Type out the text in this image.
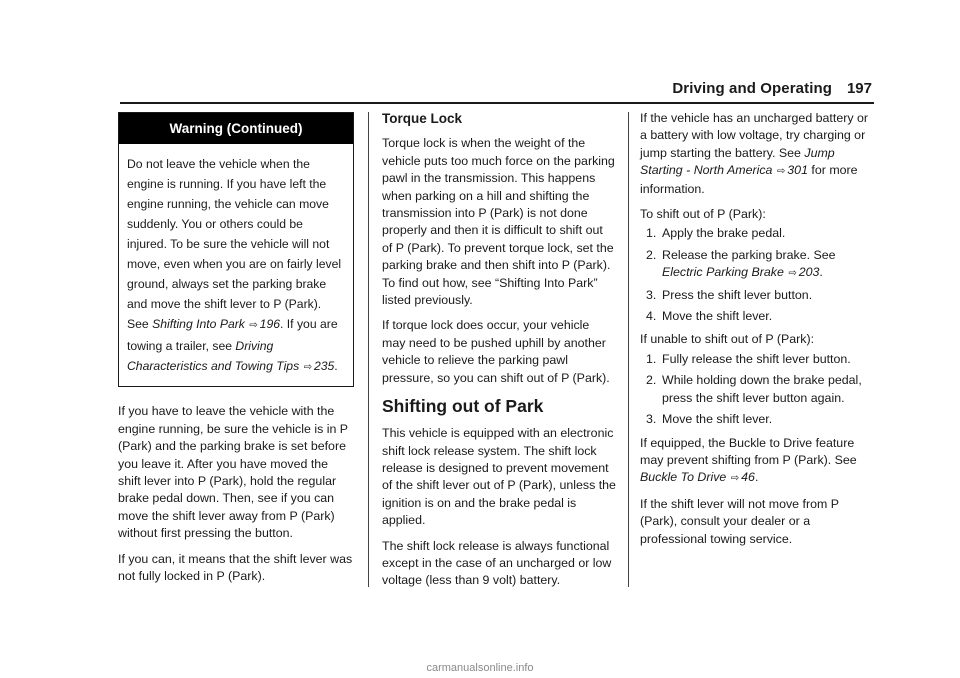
Driving and Operating 197
Warning (Continued)
Do not leave the vehicle when the engine is running. If you have left the engine running, the vehicle can move suddenly. You or others could be injured. To be sure the vehicle will not move, even when you are on fairly level ground, always set the parking brake and move the shift lever to P (Park). See Shifting Into Park ⇨ 196. If you are towing a trailer, see Driving Characteristics and Towing Tips ⇨ 235.

If you have to leave the vehicle with the engine running, be sure the vehicle is in P (Park) and the parking brake is set before you leave it. After you have moved the shift lever into P (Park), hold the regular brake pedal down. Then, see if you can move the shift lever away from P (Park) without first pressing the button.

If you can, it means that the shift lever was not fully locked in P (Park).

Torque Lock

Torque lock is when the weight of the vehicle puts too much force on the parking pawl in the transmission. This happens when parking on a hill and shifting the transmission into P (Park) is not done properly and then it is difficult to shift out of P (Park). To prevent torque lock, set the parking brake and then shift into P (Park). To find out how, see “Shifting Into Park” listed previously.

If torque lock does occur, your vehicle may need to be pushed uphill by another vehicle to relieve the parking pawl pressure, so you can shift out of P (Park).

Shifting out of Park

This vehicle is equipped with an electronic shift lock release system. The shift lock release is designed to prevent movement of the shift lever out of P (Park), unless the ignition is on and the brake pedal is applied.

The shift lock release is always functional except in the case of an uncharged or low voltage (less than 9 volt) battery.

If the vehicle has an uncharged battery or a battery with low voltage, try charging or jump starting the battery. See Jump Starting - North America ⇨ 301 for more information.

To shift out of P (Park):
1. Apply the brake pedal.
2. Release the parking brake. See Electric Parking Brake ⇨ 203.
3. Press the shift lever button.
4. Move the shift lever.
If unable to shift out of P (Park):
1. Fully release the shift lever button.
2. While holding down the brake pedal, press the shift lever button again.
3. Move the shift lever.

If equipped, the Buckle to Drive feature may prevent shifting from P (Park). See Buckle To Drive ⇨ 46.

If the shift lever will not move from P (Park), consult your dealer or a professional towing service.

carmanualsonline.info
